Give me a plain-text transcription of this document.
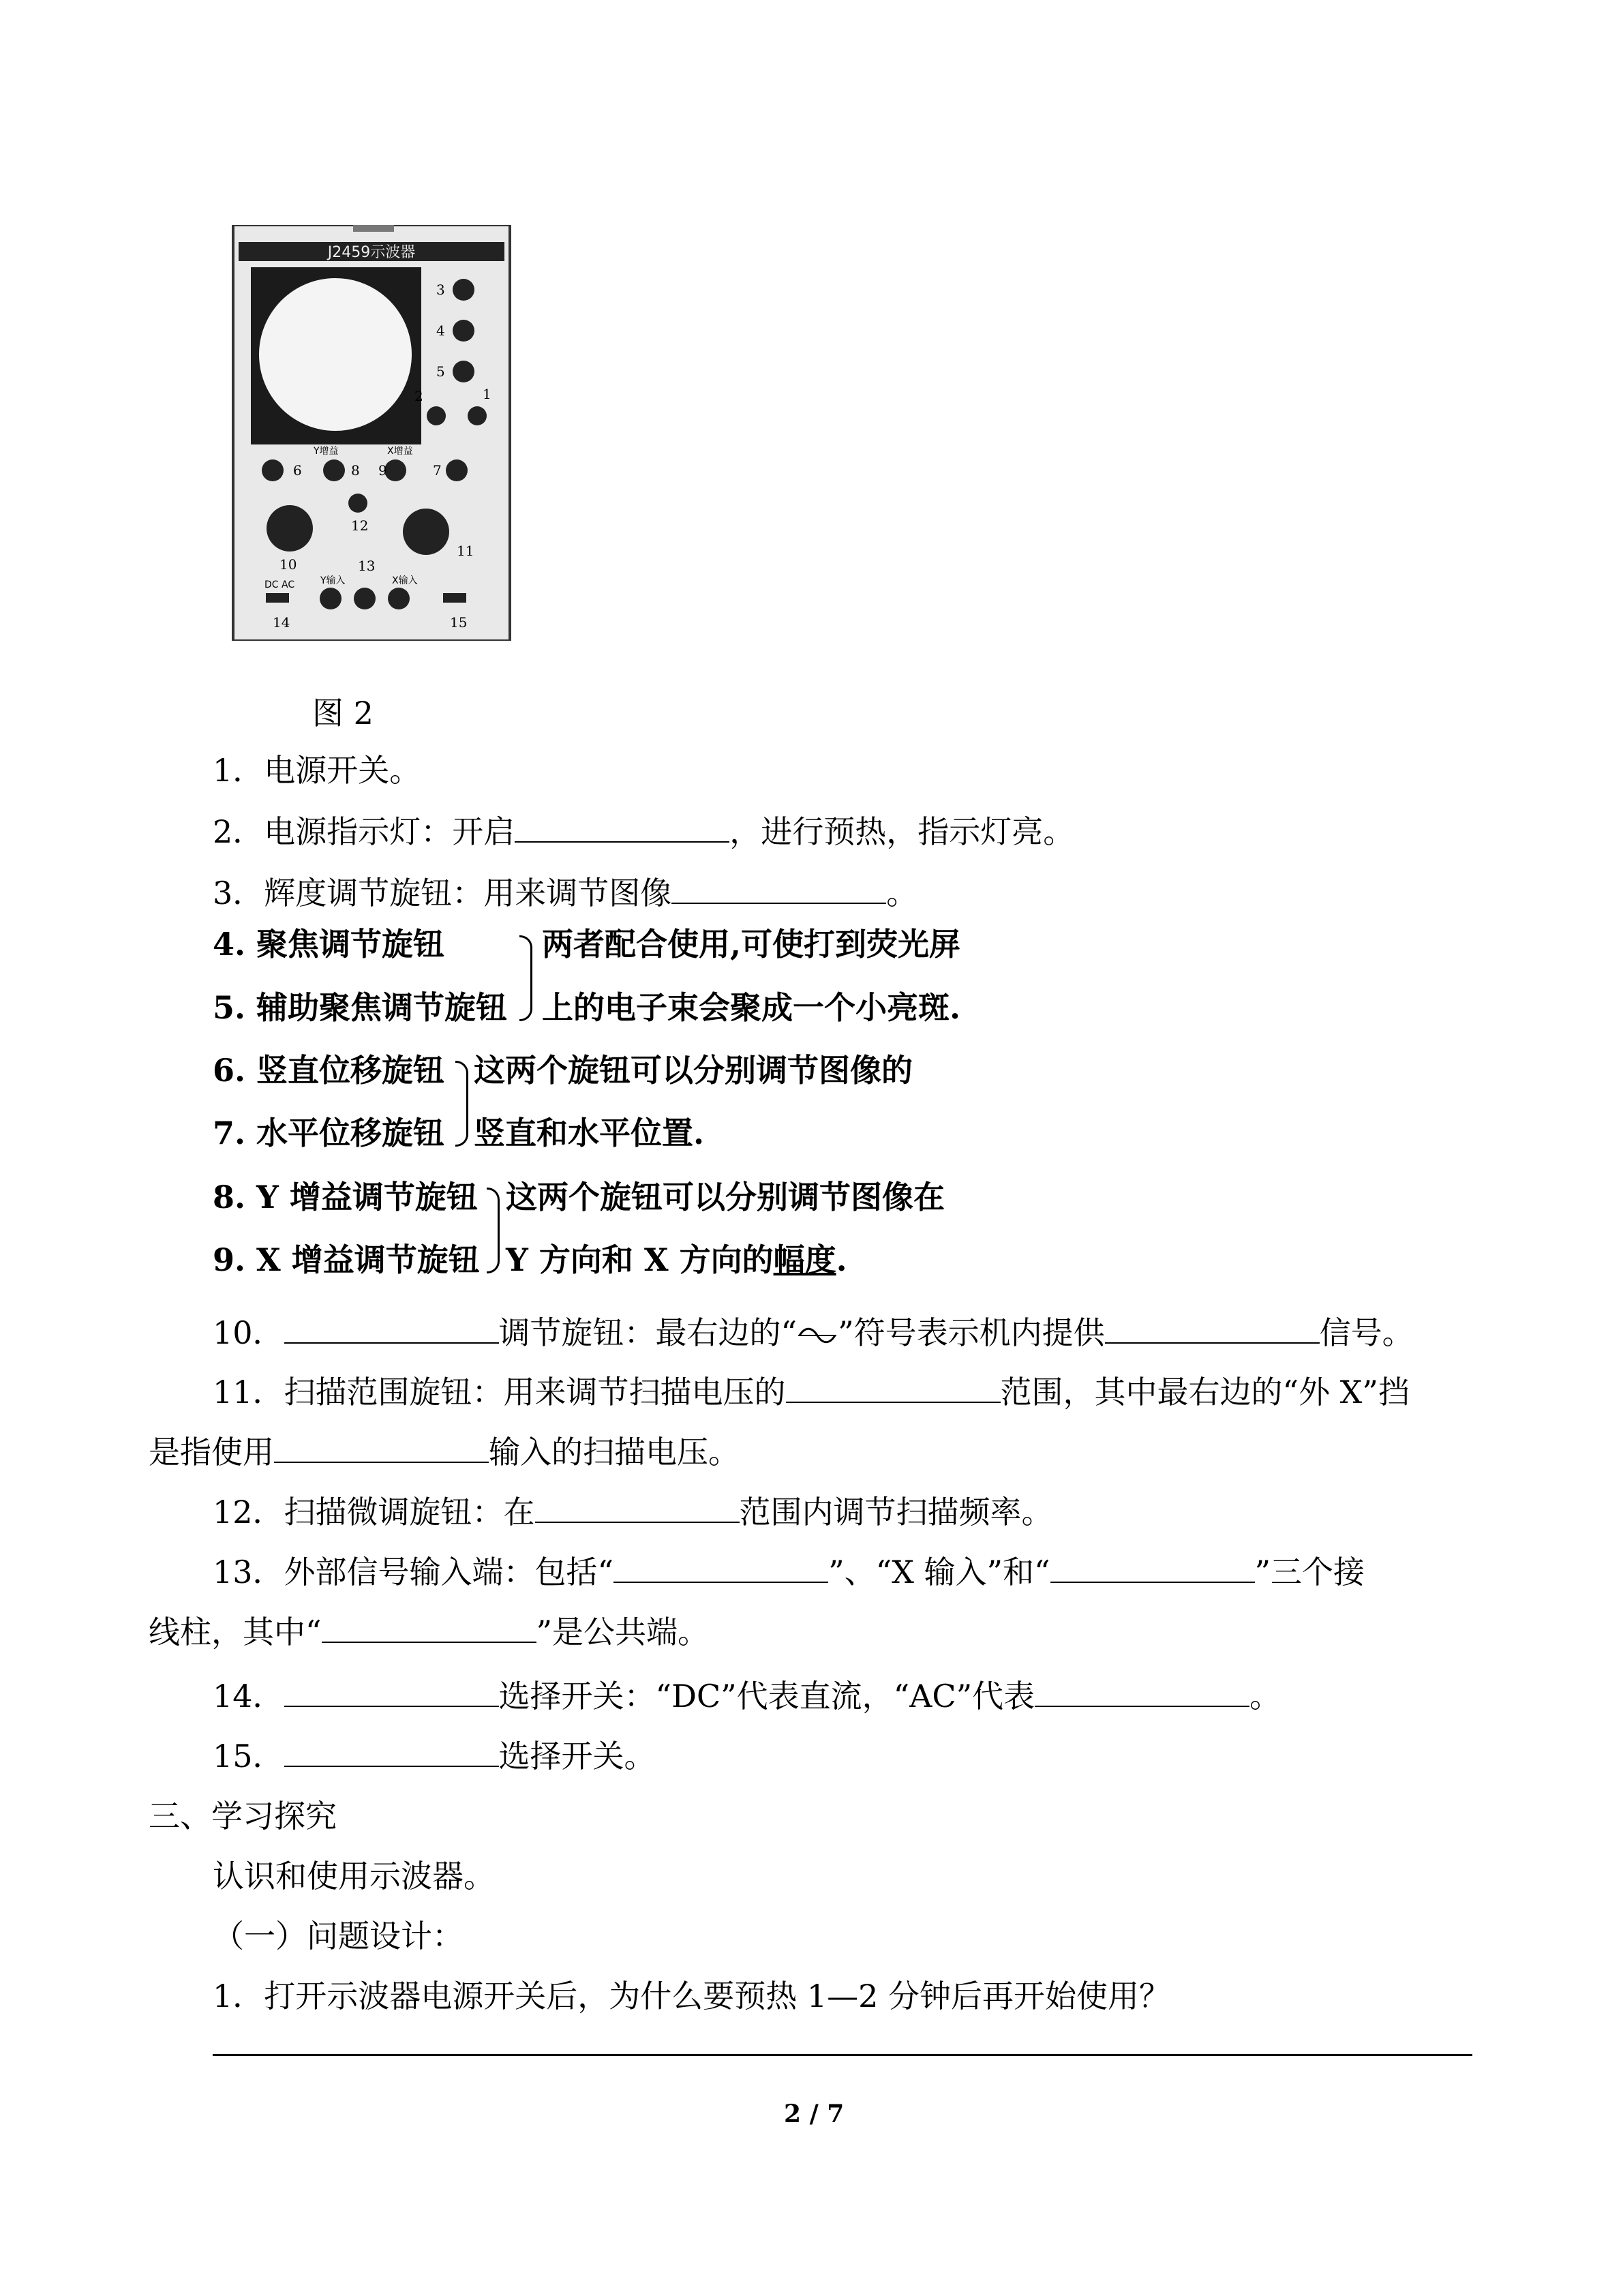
J2459示波器
3
4
5
2	1
6	8 9	7
10
11
12
13
14	15
Y增益	X增益
Y输入	X输入
DC AC
图 2
1．电源开关。
2．电源指示灯：开启	，进行预热，指示灯亮。
3．辉度调节旋钮：用来调节图像	。
4. 聚焦调节旋钮
5. 辅助聚焦调节旋钮
两者配合使用,可使打到荧光屏
上的电子束会聚成一个小亮斑.
6. 竖直位移旋钮
7. 水平位移旋钮
这两个旋钮可以分别调节图像的
竖直和水平位置.
8. Y 增益调节旋钮
9. X 增益调节旋钮
这两个旋钮可以分别调节图像在
Y 方向和 X 方向的幅度.
10．	调节旋钮：最右边的“ ”符号表示机内提供	信号。
11．扫描范围旋钮：用来调节扫描电压的	范围，其中最右边的“外 X”挡
是指使用	输入的扫描电压。
12．扫描微调旋钮：在	范围内调节扫描频率。
13．外部信号输入端：包括“	”、“X 输入”和“	”三个接
线柱，其中“	”是公共端。
14．	选择开关：“DC”代表直流，“AC”代表	。
15．	选择开关。
三、学习探究
认识和使用示波器。
（一）问题设计：
1．打开示波器电源开关后，为什么要预热 1—2 分钟后再开始使用？
2 / 7
